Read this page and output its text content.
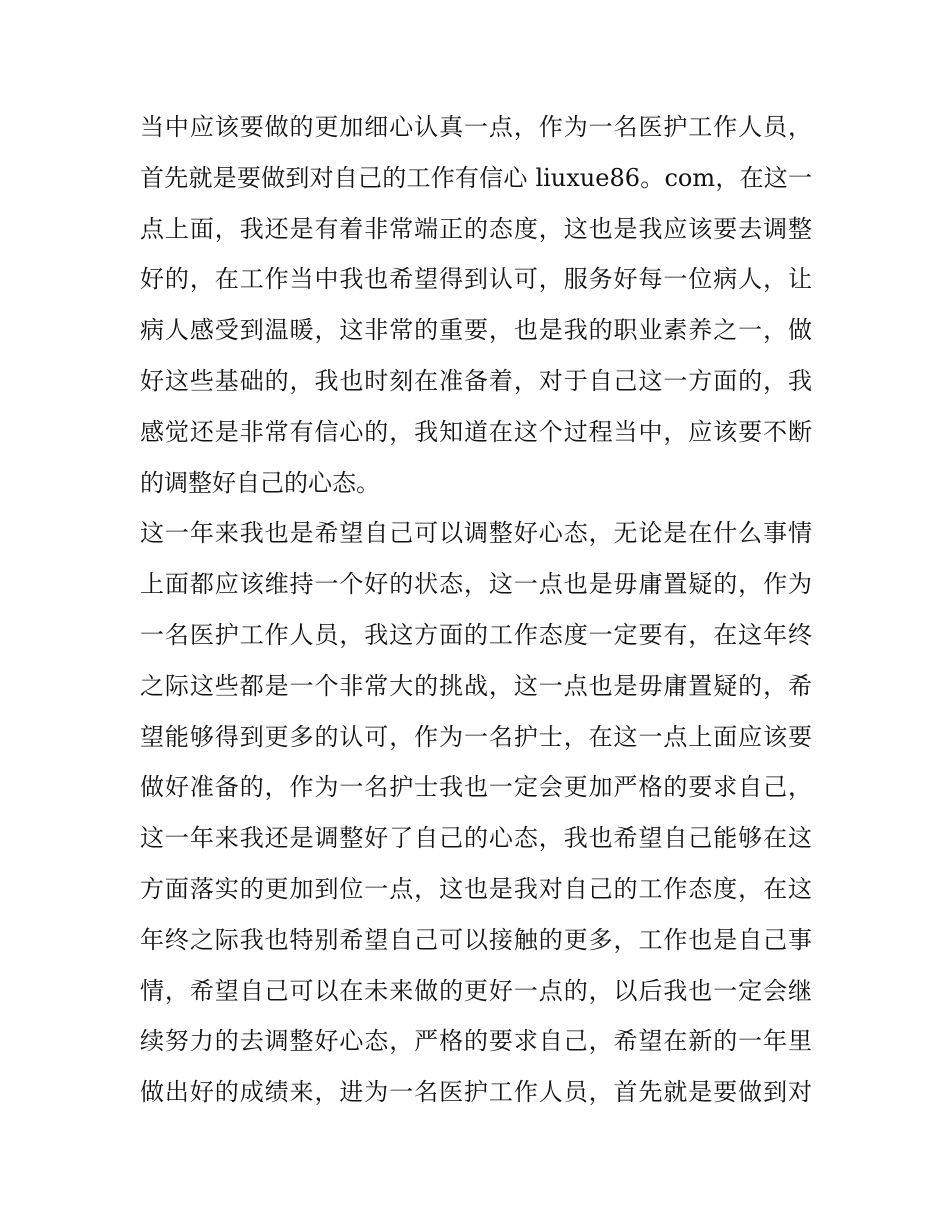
当中应该要做的更加细心认真一点，作为一名医护工作人员，
首先就是要做到对自己的工作有信心 liuxue86。com，在这一
点上面，我还是有着非常端正的态度，这也是我应该要去调整
好的，在工作当中我也希望得到认可，服务好每一位病人，让
病人感受到温暖，这非常的重要，也是我的职业素养之一，做
好这些基础的，我也时刻在准备着，对于自己这一方面的，我
感觉还是非常有信心的，我知道在这个过程当中，应该要不断
的调整好自己的心态。
这一年来我也是希望自己可以调整好心态，无论是在什么事情
上面都应该维持一个好的状态，这一点也是毋庸置疑的，作为
一名医护工作人员，我这方面的工作态度一定要有，在这年终
之际这些都是一个非常大的挑战，这一点也是毋庸置疑的，希
望能够得到更多的认可，作为一名护士，在这一点上面应该要
做好准备的，作为一名护士我也一定会更加严格的要求自己，
这一年来我还是调整好了自己的心态，我也希望自己能够在这
方面落实的更加到位一点，这也是我对自己的工作态度，在这
年终之际我也特别希望自己可以接触的更多，工作也是自己事
情，希望自己可以在未来做的更好一点的，以后我也一定会继
续努力的去调整好心态，严格的要求自己，希望在新的一年里
做出好的成绩来，进为一名医护工作人员，首先就是要做到对
